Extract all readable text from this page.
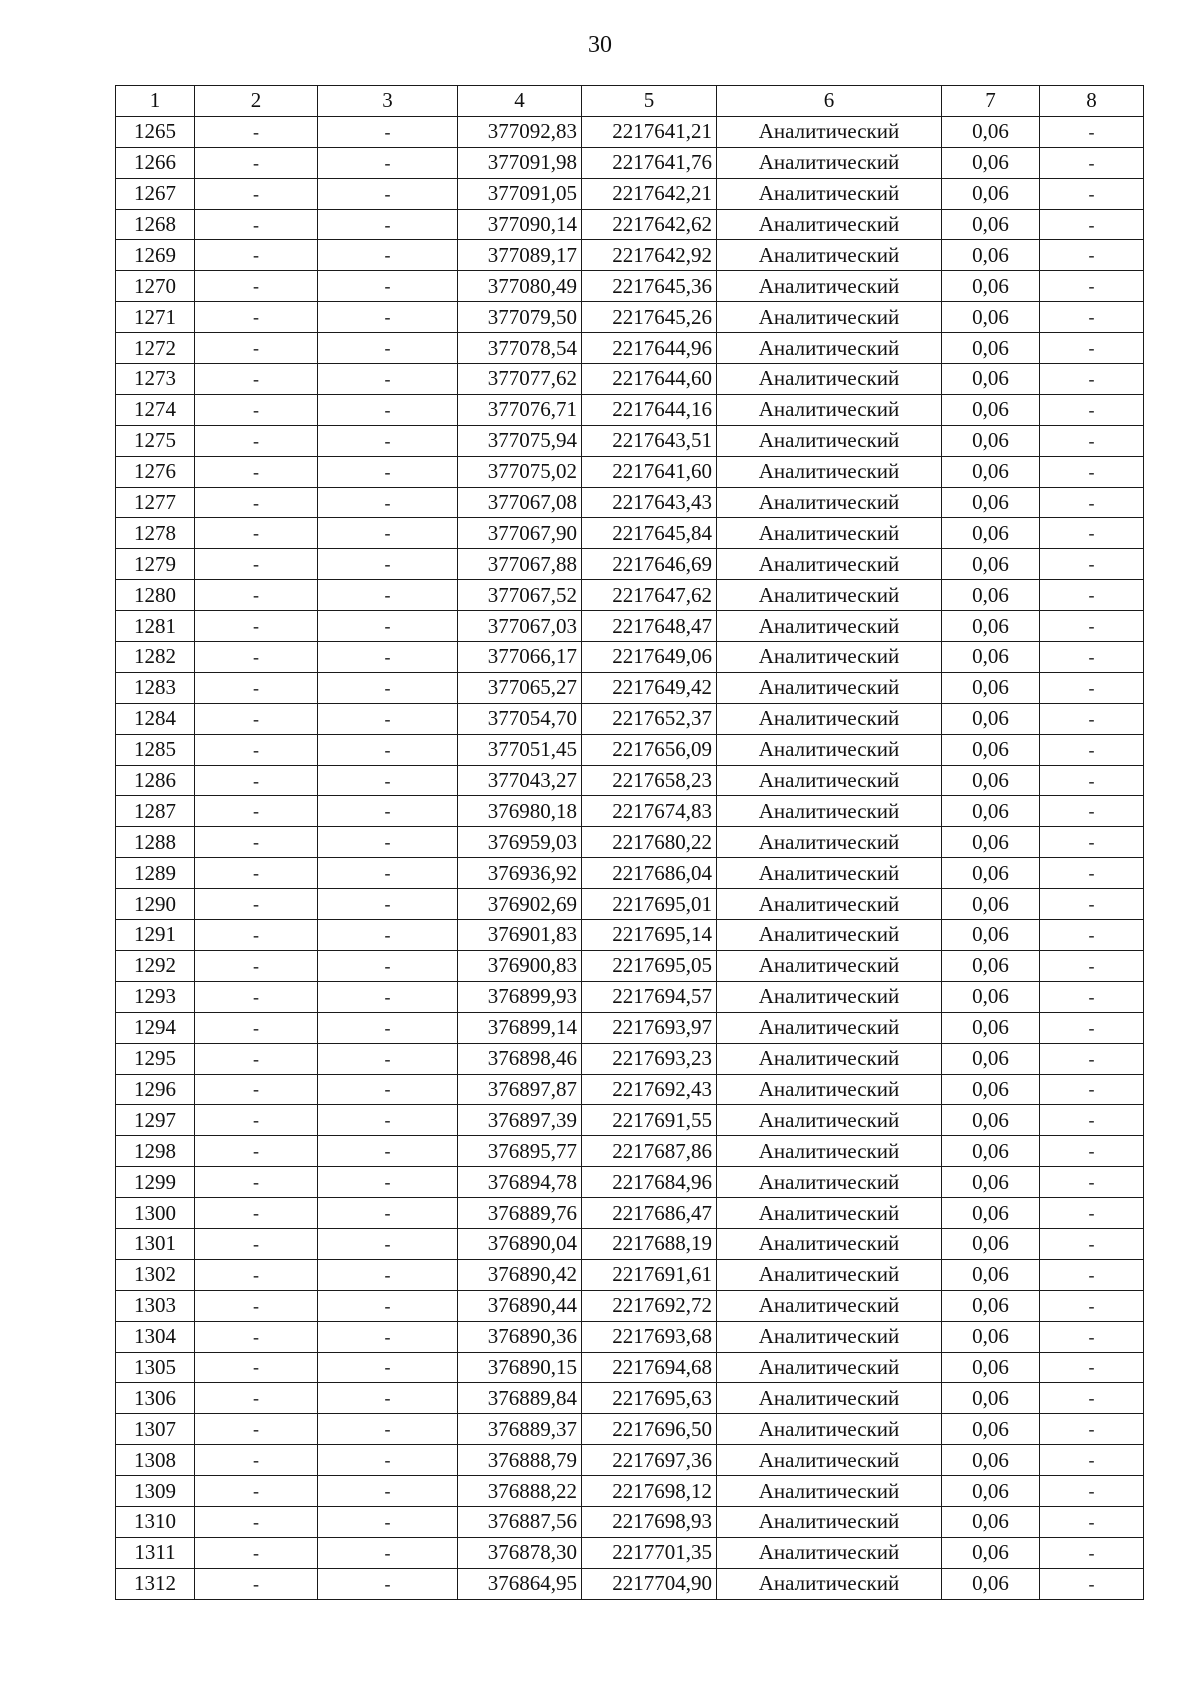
30
1	2	3	4	5	6	7	8
1265	-	-	377092,83	2217641,21	Аналитический	0,06	-
1266	-	-	377091,98	2217641,76	Аналитический	0,06	-
1267	-	-	377091,05	2217642,21	Аналитический	0,06	-
1268	-	-	377090,14	2217642,62	Аналитический	0,06	-
1269	-	-	377089,17	2217642,92	Аналитический	0,06	-
1270	-	-	377080,49	2217645,36	Аналитический	0,06	-
1271	-	-	377079,50	2217645,26	Аналитический	0,06	-
1272	-	-	377078,54	2217644,96	Аналитический	0,06	-
1273	-	-	377077,62	2217644,60	Аналитический	0,06	-
1274	-	-	377076,71	2217644,16	Аналитический	0,06	-
1275	-	-	377075,94	2217643,51	Аналитический	0,06	-
1276	-	-	377075,02	2217641,60	Аналитический	0,06	-
1277	-	-	377067,08	2217643,43	Аналитический	0,06	-
1278	-	-	377067,90	2217645,84	Аналитический	0,06	-
1279	-	-	377067,88	2217646,69	Аналитический	0,06	-
1280	-	-	377067,52	2217647,62	Аналитический	0,06	-
1281	-	-	377067,03	2217648,47	Аналитический	0,06	-
1282	-	-	377066,17	2217649,06	Аналитический	0,06	-
1283	-	-	377065,27	2217649,42	Аналитический	0,06	-
1284	-	-	377054,70	2217652,37	Аналитический	0,06	-
1285	-	-	377051,45	2217656,09	Аналитический	0,06	-
1286	-	-	377043,27	2217658,23	Аналитический	0,06	-
1287	-	-	376980,18	2217674,83	Аналитический	0,06	-
1288	-	-	376959,03	2217680,22	Аналитический	0,06	-
1289	-	-	376936,92	2217686,04	Аналитический	0,06	-
1290	-	-	376902,69	2217695,01	Аналитический	0,06	-
1291	-	-	376901,83	2217695,14	Аналитический	0,06	-
1292	-	-	376900,83	2217695,05	Аналитический	0,06	-
1293	-	-	376899,93	2217694,57	Аналитический	0,06	-
1294	-	-	376899,14	2217693,97	Аналитический	0,06	-
1295	-	-	376898,46	2217693,23	Аналитический	0,06	-
1296	-	-	376897,87	2217692,43	Аналитический	0,06	-
1297	-	-	376897,39	2217691,55	Аналитический	0,06	-
1298	-	-	376895,77	2217687,86	Аналитический	0,06	-
1299	-	-	376894,78	2217684,96	Аналитический	0,06	-
1300	-	-	376889,76	2217686,47	Аналитический	0,06	-
1301	-	-	376890,04	2217688,19	Аналитический	0,06	-
1302	-	-	376890,42	2217691,61	Аналитический	0,06	-
1303	-	-	376890,44	2217692,72	Аналитический	0,06	-
1304	-	-	376890,36	2217693,68	Аналитический	0,06	-
1305	-	-	376890,15	2217694,68	Аналитический	0,06	-
1306	-	-	376889,84	2217695,63	Аналитический	0,06	-
1307	-	-	376889,37	2217696,50	Аналитический	0,06	-
1308	-	-	376888,79	2217697,36	Аналитический	0,06	-
1309	-	-	376888,22	2217698,12	Аналитический	0,06	-
1310	-	-	376887,56	2217698,93	Аналитический	0,06	-
1311	-	-	376878,30	2217701,35	Аналитический	0,06	-
1312	-	-	376864,95	2217704,90	Аналитический	0,06	-
